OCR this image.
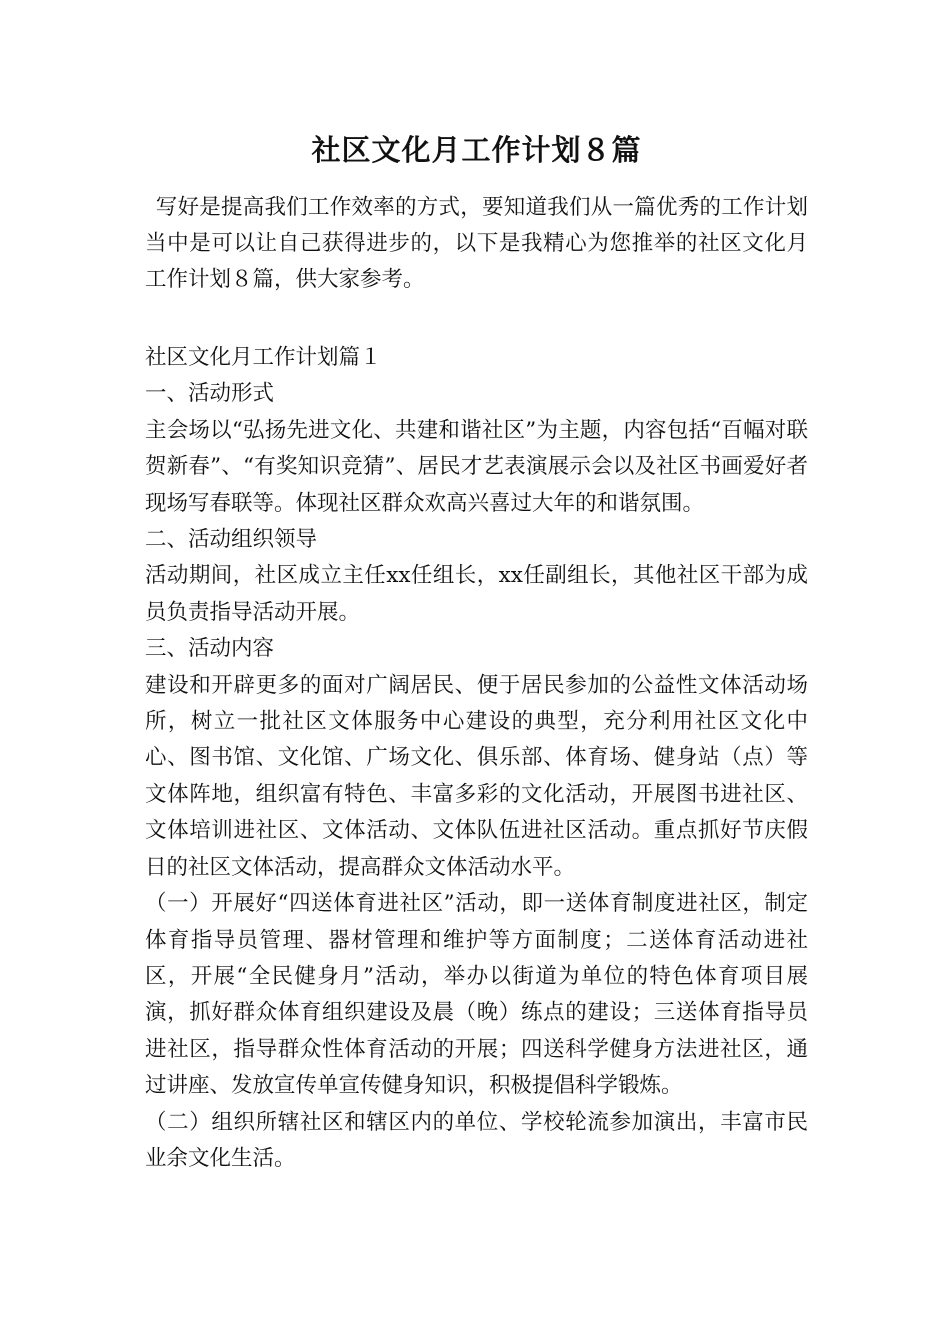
社区文化月工作计划８篇

写好是提高我们工作效率的方式，要知道我们从一篇优秀的工作计划当中是可以让自己获得进步的，以下是我精心为您推举的社区文化月工作计划８篇，供大家参考。

社区文化月工作计划篇１

一、活动形式

主会场以“弘扬先进文化、共建和谐社区”为主题，内容包括“百幅对联贺新春”、“有奖知识竞猜”、居民才艺表演展示会以及社区书画爱好者现场写春联等。体现社区群众欢高兴喜过大年的和谐氛围。

二、活动组织领导

活动期间，社区成立主任xx任组长，xx任副组长，其他社区干部为成员负责指导活动开展。

三、活动内容

建设和开辟更多的面对广阔居民、便于居民参加的公益性文体活动场所，树立一批社区文体服务中心建设的典型，充分利用社区文化中心、图书馆、文化馆、广场文化、俱乐部、体育场、健身站（点）等文体阵地，组织富有特色、丰富多彩的文化活动，开展图书进社区、文体培训进社区、文体活动、文体队伍进社区活动。重点抓好节庆假日的社区文体活动，提高群众文体活动水平。

（一）开展好“四送体育进社区”活动，即一送体育制度进社区，制定体育指导员管理、器材管理和维护等方面制度；二送体育活动进社区，开展“全民健身月”活动，举办以街道为单位的特色体育项目展演，抓好群众体育组织建设及晨（晚）练点的建设；三送体育指导员进社区，指导群众性体育活动的开展；四送科学健身方法进社区，通过讲座、发放宣传单宣传健身知识，积极提倡科学锻炼。

（二）组织所辖社区和辖区内的单位、学校轮流参加演出，丰富市民业余文化生活。
